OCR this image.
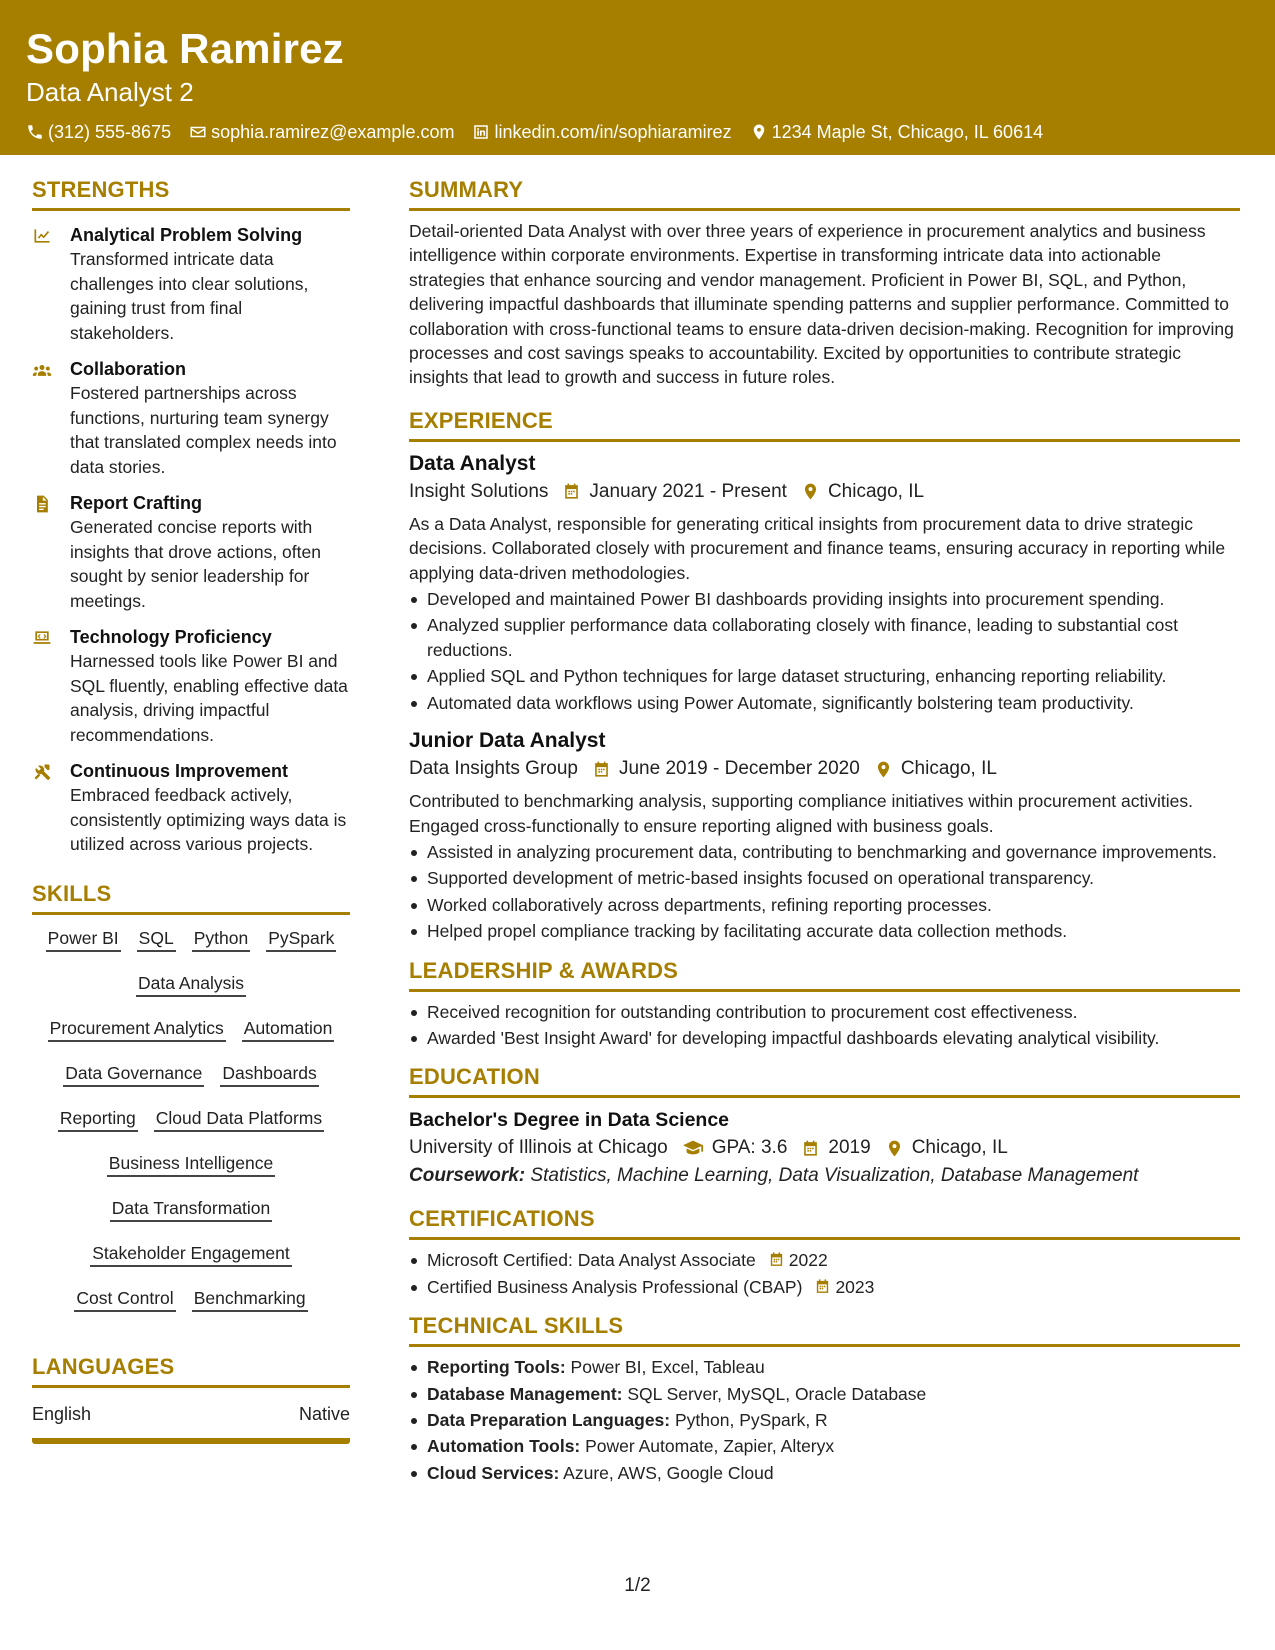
Sophia Ramirez
Data Analyst 2
(312) 555-8675 sophia.ramirez@example.com linkedin.com/in/sophiaramirez 1234 Maple St, Chicago, IL 60614
STRENGTHS
Analytical Problem Solving
Transformed intricate data challenges into clear solutions, gaining trust from final stakeholders.
Collaboration
Fostered partnerships across functions, nurturing team synergy that translated complex needs into data stories.
Report Crafting
Generated concise reports with insights that drove actions, often sought by senior leadership for meetings.
Technology Proficiency
Harnessed tools like Power BI and SQL fluently, enabling effective data analysis, driving impactful recommendations.
Continuous Improvement
Embraced feedback actively, consistently optimizing ways data is utilized across various projects.
SKILLS
Power BI SQL Python PySpark
Data Analysis
Procurement Analytics Automation
Data Governance Dashboards
Reporting Cloud Data Platforms
Business Intelligence
Data Transformation
Stakeholder Engagement
Cost Control Benchmarking
LANGUAGES
English	Native
SUMMARY
Detail-oriented Data Analyst with over three years of experience in procurement analytics and business intelligence within corporate environments. Expertise in transforming intricate data into actionable strategies that enhance sourcing and vendor management. Proficient in Power BI, SQL, and Python, delivering impactful dashboards that illuminate spending patterns and supplier performance. Committed to collaboration with cross-functional teams to ensure data-driven decision-making. Recognition for improving processes and cost savings speaks to accountability. Excited by opportunities to contribute strategic insights that lead to growth and success in future roles.
EXPERIENCE
Data Analyst
Insight Solutions January 2021 - Present Chicago, IL
As a Data Analyst, responsible for generating critical insights from procurement data to drive strategic decisions. Collaborated closely with procurement and finance teams, ensuring accuracy in reporting while applying data-driven methodologies.
Developed and maintained Power BI dashboards providing insights into procurement spending.
Analyzed supplier performance data collaborating closely with finance, leading to substantial cost reductions.
Applied SQL and Python techniques for large dataset structuring, enhancing reporting reliability.
Automated data workflows using Power Automate, significantly bolstering team productivity.
Junior Data Analyst
Data Insights Group June 2019 - December 2020 Chicago, IL
Contributed to benchmarking analysis, supporting compliance initiatives within procurement activities. Engaged cross-functionally to ensure reporting aligned with business goals.
Assisted in analyzing procurement data, contributing to benchmarking and governance improvements.
Supported development of metric-based insights focused on operational transparency.
Worked collaboratively across departments, refining reporting processes.
Helped propel compliance tracking by facilitating accurate data collection methods.
LEADERSHIP & AWARDS
Received recognition for outstanding contribution to procurement cost effectiveness.
Awarded 'Best Insight Award' for developing impactful dashboards elevating analytical visibility.
EDUCATION
Bachelor's Degree in Data Science
University of Illinois at Chicago GPA: 3.6 2019 Chicago, IL
Coursework: Statistics, Machine Learning, Data Visualization, Database Management
CERTIFICATIONS
Microsoft Certified: Data Analyst Associate 2022
Certified Business Analysis Professional (CBAP) 2023
TECHNICAL SKILLS
Reporting Tools: Power BI, Excel, Tableau
Database Management: SQL Server, MySQL, Oracle Database
Data Preparation Languages: Python, PySpark, R
Automation Tools: Power Automate, Zapier, Alteryx
Cloud Services: Azure, AWS, Google Cloud
1/2
